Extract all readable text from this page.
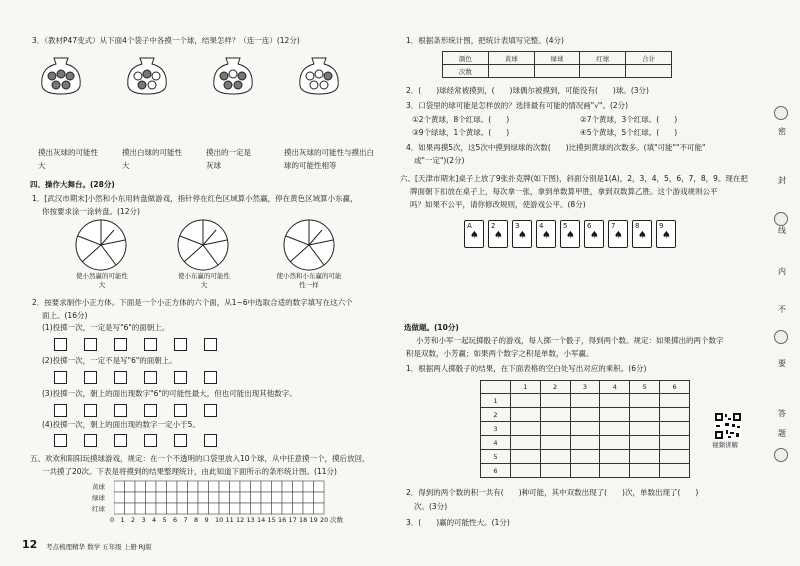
3．（教材P47变式）从下面4个袋子中各摸一个球，结果怎样？（连一连）(12分)
摸出灰球的可能性大
摸出白球的可能性大
摸出的一定是灰球
摸出灰球的可能性与摸出白球的可能性相等
四、操作大舞台。(28分)
1．[武汉市期末]小然和小东用转盘做游戏，指针停在红色区域算小然赢，停在黄色区域算小东赢，
你按要求涂一涂转盘。(12分)
使小然赢的可能性大
使小东赢的可能性大
使小然和小东赢的可能性一样
2．按要求制作小正方体。下面是一个小正方体的六个面，从1~6中选取合适的数字填写在这六个
面上。(16分)
(1)投掷一次，一定是写"6"的面朝上。
(2)投掷一次，一定不是写"6"的面朝上。
(3)投掷一次，朝上的面出现数字"6"的可能性最大，但也可能出现其他数字。
(4)投掷一次，朝上的面出现的数字一定小于5。
五、欢欢和阳阳玩摸球游戏，规定：在一个不透明的口袋里放入10个球，从中任意摸一个，摸后放回，
一共摸了20次。下表是将摸到的结果整理统计，由此知道下面所示的条形统计图。(11分)
黄球
绿球
红球
0 1 2 3 4 5 6 7 8 9 10 11 12 13 14 15 16 17 18 19 20 次数
12 考点梳理精华 数学 五年级 上册 RJ版
1．根据条形统计图，把统计表填写完整。(4分)
颜色	黄球	绿球	红球	合计
次数				
2．(　　)球经常被摸到，(　　)球偶尔被摸到，可能没有(　　)球。(3分)
3．口袋里的球可能是怎样放的？选择最有可能的情况画"√"。(2分)
①2个黄球，8个红球。(　　)	②7个黄球，3个红球。(　　)
③9个绿球，1个黄球。(　　)	④5个黄球，5个红球。(　　)
4．如果再摸5次，这5次中摸到绿球的次数(　　)比摸到黄球的次数多。(填"可能""不可能"
或"一定")(2分)
六、[天津市期末]桌子上放了9张扑克牌(如下图)，斜面分别是1(A)，2，3，4，5，6，7，8，9。现在把
牌面朝下扣放在桌子上，每次拿一张，拿到单数算甲胜，拿到双数算乙胜。这个游戏规则公平
吗？如果不公平，请你修改规则，使游戏公平。(8分)
A
♠
2
♠
3
♠
4
♠
5
♠
6
♠
7
♠
8
♠
9
♠
选做题。(10分)
小芳和小军一起玩掷骰子的游戏，每人掷一个骰子，得到两个数。规定：如果掷出的两个数字
积是双数，小芳赢；如果两个数字之积是单数，小军赢。
1．根据两人掷骰子的结果，在下面表格的空白处写出对应的乘积。(6分)
	1	2	3	4	5	6
1						
2						
3						
4						
5						
6						
视频讲解
2．得到的两个数的积一共有(　　)种可能，其中双数出现了(　　)次，单数出现了(　　)
次。(3分)
3．(　　)赢的可能性大。(1分)
密
封
线
内
不
要
答
题
